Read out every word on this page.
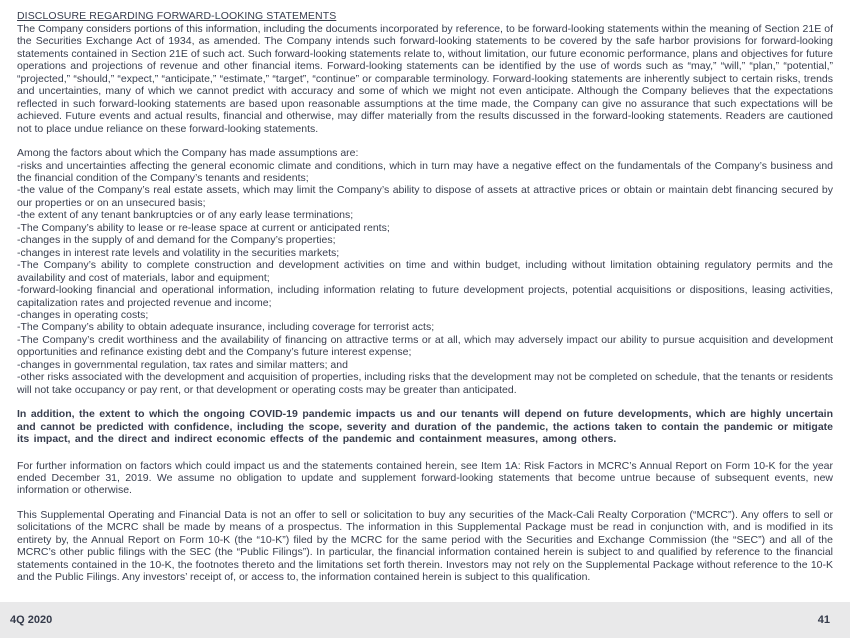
DISCLOSURE REGARDING FORWARD-LOOKING STATEMENTS
The Company considers portions of this information, including the documents incorporated by reference, to be forward-looking statements within the meaning of Section 21E of the Securities Exchange Act of 1934, as amended. The Company intends such forward-looking statements to be covered by the safe harbor provisions for forward-looking statements contained in Section 21E of such act. Such forward-looking statements relate to, without limitation, our future economic performance, plans and objectives for future operations and projections of revenue and other financial items. Forward-looking statements can be identified by the use of words such as “may,” “will,” “plan,” “potential,” “projected,” “should,” “expect,” “anticipate,” “estimate,” “target”, “continue” or comparable terminology. Forward-looking statements are inherently subject to certain risks, trends and uncertainties, many of which we cannot predict with accuracy and some of which we might not even anticipate. Although the Company believes that the expectations reflected in such forward-looking statements are based upon reasonable assumptions at the time made, the Company can give no assurance that such expectations will be achieved. Future events and actual results, financial and otherwise, may differ materially from the results discussed in the forward-looking statements. Readers are cautioned not to place undue reliance on these forward-looking statements.
Among the factors about which the Company has made assumptions are:
-risks and uncertainties affecting the general economic climate and conditions, which in turn may have a negative effect on the fundamentals of the Company’s business and the financial condition of the Company’s tenants and residents;
-the value of the Company’s real estate assets, which may limit the Company’s ability to dispose of assets at attractive prices or obtain or maintain debt financing secured by our properties or on an unsecured basis;
-the extent of any tenant bankruptcies or of any early lease terminations;
-The Company’s ability to lease or re-lease space at current or anticipated rents;
-changes in the supply of and demand for the Company’s properties;
-changes in interest rate levels and volatility in the securities markets;
-The Company’s ability to complete construction and development activities on time and within budget, including without limitation obtaining regulatory permits and the availability and cost of materials, labor and equipment;
-forward-looking financial and operational information, including information relating to future development projects, potential acquisitions or dispositions, leasing activities, capitalization rates and projected revenue and income;
-changes in operating costs;
-The Company’s ability to obtain adequate insurance, including coverage for terrorist acts;
-The Company’s credit worthiness and the availability of financing on attractive terms or at all, which may adversely impact our ability to pursue acquisition and development opportunities and refinance existing debt and the Company’s future interest expense;
-changes in governmental regulation, tax rates and similar matters; and
-other risks associated with the development and acquisition of properties, including risks that the development may not be completed on schedule, that the tenants or residents will not take occupancy or pay rent, or that development or operating costs may be greater than anticipated.
In addition, the extent to which the ongoing COVID-19 pandemic impacts us and our tenants will depend on future developments, which are highly uncertain and cannot be predicted with confidence, including the scope, severity and duration of the pandemic, the actions taken to contain the pandemic or mitigate its impact, and the direct and indirect economic effects of the pandemic and containment measures, among others.
For further information on factors which could impact us and the statements contained herein, see Item 1A: Risk Factors in MCRC’s Annual Report on Form 10-K for the year ended December 31, 2019. We assume no obligation to update and supplement forward-looking statements that become untrue because of subsequent events, new information or otherwise.
This Supplemental Operating and Financial Data is not an offer to sell or solicitation to buy any securities of the Mack-Cali Realty Corporation (“MCRC”). Any offers to sell or solicitations of the MCRC shall be made by means of a prospectus. The information in this Supplemental Package must be read in conjunction with, and is modified in its entirety by, the Annual Report on Form 10-K (the “10-K”) filed by the MCRC for the same period with the Securities and Exchange Commission (the “SEC”) and all of the MCRC’s other public filings with the SEC (the “Public Filings”). In particular, the financial information contained herein is subject to and qualified by reference to the financial statements contained in the 10-K, the footnotes thereto and the limitations set forth therein. Investors may not rely on the Supplemental Package without reference to the 10-K and the Public Filings. Any investors’ receipt of, or access to, the information contained herein is subject to this qualification.
4Q 2020	41
